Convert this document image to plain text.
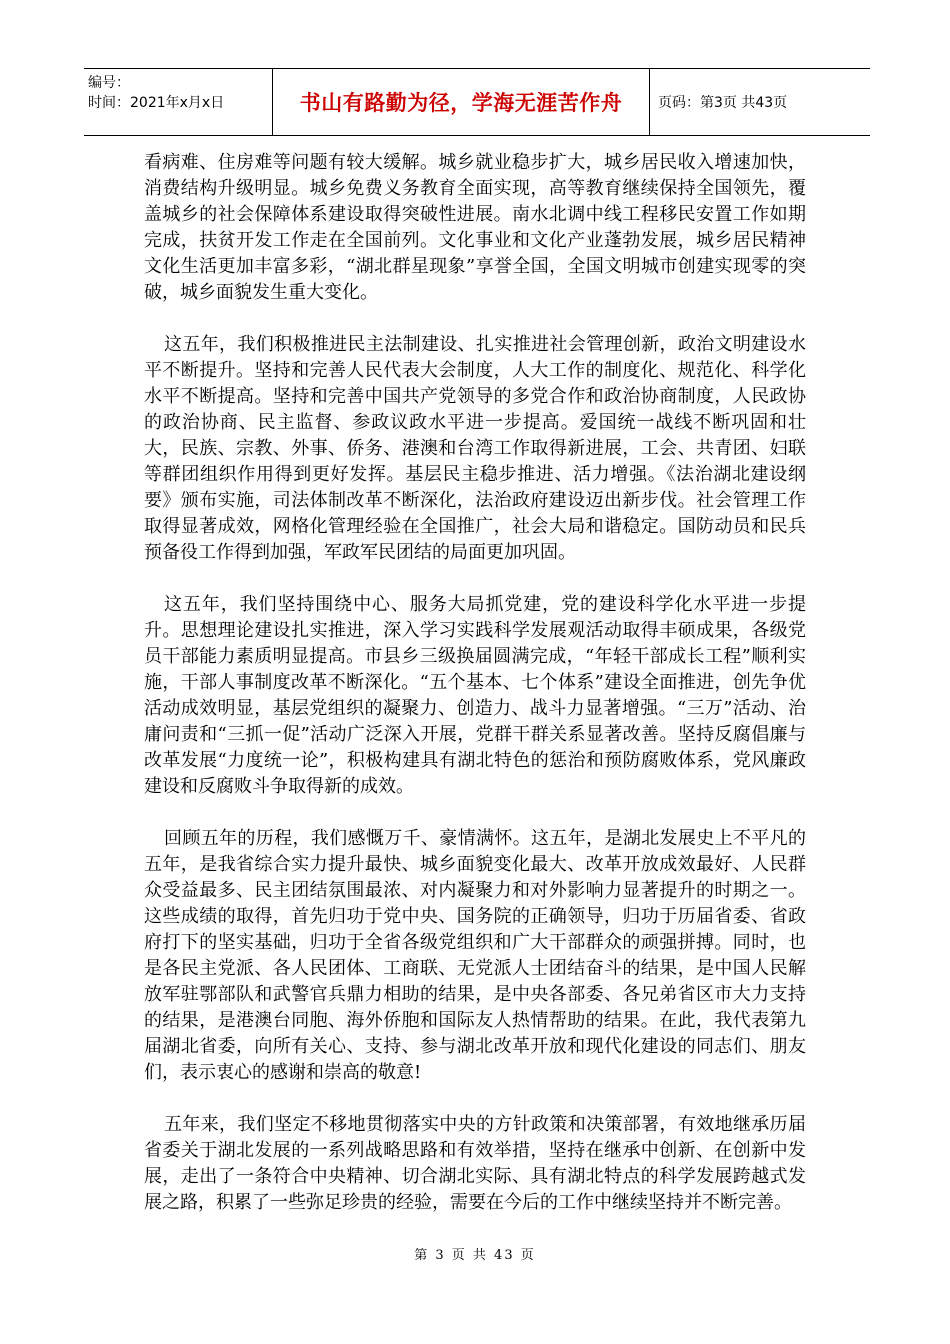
编号：
时间：2021年x月x日	书山有路勤为径，学海无涯苦作舟	页码：第3页 共43页

看病难、住房难等问题有较大缓解。城乡就业稳步扩大，城乡居民收入增速加快，消费结构升级明显。城乡免费义务教育全面实现，高等教育继续保持全国领先，覆盖城乡的社会保障体系建设取得突破性进展。南水北调中线工程移民安置工作如期完成，扶贫开发工作走在全国前列。文化事业和文化产业蓬勃发展，城乡居民精神文化生活更加丰富多彩，“湖北群星现象”享誉全国，全国文明城市创建实现零的突破，城乡面貌发生重大变化。

这五年，我们积极推进民主法制建设、扎实推进社会管理创新，政治文明建设水平不断提升。坚持和完善人民代表大会制度，人大工作的制度化、规范化、科学化水平不断提高。坚持和完善中国共产党领导的多党合作和政治协商制度，人民政协的政治协商、民主监督、参政议政水平进一步提高。爱国统一战线不断巩固和壮大，民族、宗教、外事、侨务、港澳和台湾工作取得新进展，工会、共青团、妇联等群团组织作用得到更好发挥。基层民主稳步推进、活力增强。《法治湖北建设纲要》颁布实施，司法体制改革不断深化，法治政府建设迈出新步伐。社会管理工作取得显著成效，网格化管理经验在全国推广，社会大局和谐稳定。国防动员和民兵预备役工作得到加强，军政军民团结的局面更加巩固。

这五年，我们坚持围绕中心、服务大局抓党建，党的建设科学化水平进一步提升。思想理论建设扎实推进，深入学习实践科学发展观活动取得丰硕成果，各级党员干部能力素质明显提高。市县乡三级换届圆满完成，“年轻干部成长工程”顺利实施，干部人事制度改革不断深化。“五个基本、七个体系”建设全面推进，创先争优活动成效明显，基层党组织的凝聚力、创造力、战斗力显著增强。“三万”活动、治庸问责和“三抓一促”活动广泛深入开展，党群干群关系显著改善。坚持反腐倡廉与改革发展“力度统一论”，积极构建具有湖北特色的惩治和预防腐败体系，党风廉政建设和反腐败斗争取得新的成效。

回顾五年的历程，我们感慨万千、豪情满怀。这五年，是湖北发展史上不平凡的五年，是我省综合实力提升最快、城乡面貌变化最大、改革开放成效最好、人民群众受益最多、民主团结氛围最浓、对内凝聚力和对外影响力显著提升的时期之一。这些成绩的取得，首先归功于党中央、国务院的正确领导，归功于历届省委、省政府打下的坚实基础，归功于全省各级党组织和广大干部群众的顽强拼搏。同时，也是各民主党派、各人民团体、工商联、无党派人士团结奋斗的结果，是中国人民解放军驻鄂部队和武警官兵鼎力相助的结果，是中央各部委、各兄弟省区市大力支持的结果，是港澳台同胞、海外侨胞和国际友人热情帮助的结果。在此，我代表第九届湖北省委，向所有关心、支持、参与湖北改革开放和现代化建设的同志们、朋友们，表示衷心的感谢和崇高的敬意!

五年来，我们坚定不移地贯彻落实中央的方针政策和决策部署，有效地继承历届省委关于湖北发展的一系列战略思路和有效举措，坚持在继承中创新、在创新中发展，走出了一条符合中央精神、切合湖北实际、具有湖北特点的科学发展跨越式发展之路，积累了一些弥足珍贵的经验，需要在今后的工作中继续坚持并不断完善。

第 3 页 共 43 页
